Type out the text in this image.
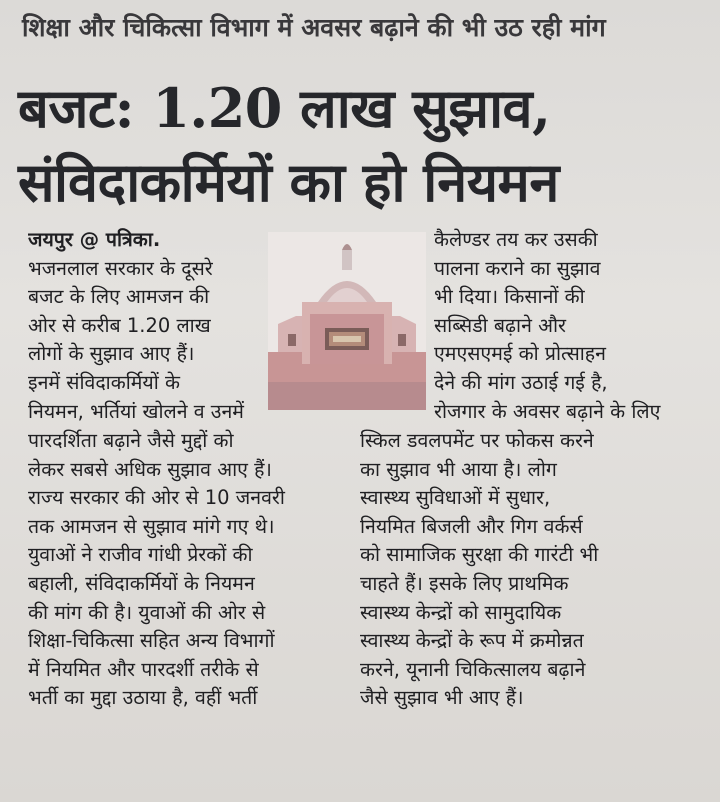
शिक्षा और चिकित्सा विभाग में अवसर बढ़ाने की भी उठ रही मांग
बजट: 1.20 लाख सुझाव,
संविदाकर्मियों का हो नियमन
जयपुर @ पत्रिका.
भजनलाल सरकार के दूसरे
बजट के लिए आमजन की
ओर से करीब 1.20 लाख
लोगों के सुझाव आए हैं।
इनमें संविदाकर्मियों के
नियमन, भर्तियां खोलने व उनमें
कैलेण्डर तय कर उसकी
पालना कराने का सुझाव
भी दिया। किसानों की
सब्सिडी बढ़ाने और
एमएसएमई को प्रोत्साहन
देने की मांग उठाई गई है,
रोजगार के अवसर बढ़ाने के लिए
पारदर्शिता बढ़ाने जैसे मुद्दों को
लेकर सबसे अधिक सुझाव आए हैं।
राज्य सरकार की ओर से 10 जनवरी
तक आमजन से सुझाव मांगे गए थे।
युवाओं ने राजीव गांधी प्रेरकों की
बहाली, संविदाकर्मियों के नियमन
की मांग की है। युवाओं की ओर से
शिक्षा-चिकित्सा सहित अन्य विभागों
में नियमित और पारदर्शी तरीके से
भर्ती का मुद्दा उठाया है, वहीं भर्ती
स्किल डवलपमेंट पर फोकस करने
का सुझाव भी आया है। लोग
स्वास्थ्य सुविधाओं में सुधार,
नियमित बिजली और गिग वर्कर्स
को सामाजिक सुरक्षा की गारंटी भी
चाहते हैं। इसके लिए प्राथमिक
स्वास्थ्य केन्द्रों को सामुदायिक
स्वास्थ्य केन्द्रों के रूप में क्रमोन्नत
करने, यूनानी चिकित्सालय बढ़ाने
जैसे सुझाव भी आए हैं।
